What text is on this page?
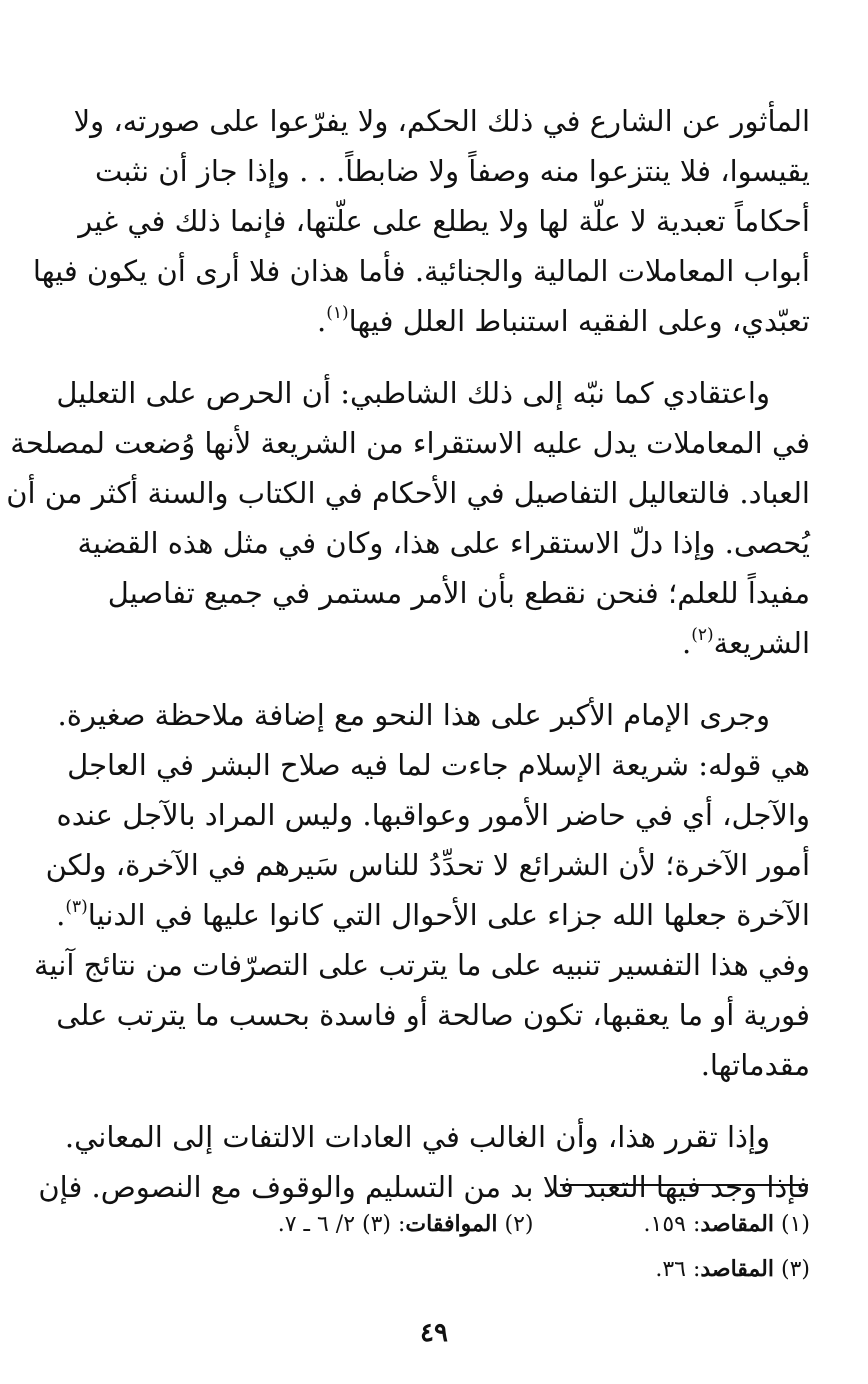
المأثور عن الشارع في ذلك الحكم، ولا يفرّعوا على صورته، ولا
يقيسوا، فلا ينتزعوا منه وصفاً ولا ضابطاً. . . وإذا جاز أن نثبت
أحكاماً تعبدية لا علّة لها ولا يطلع على علّتها، فإنما ذلك في غير
أبواب المعاملات المالية والجنائية. فأما هذان فلا أرى أن يكون فيها
تعبّدي، وعلى الفقيه استنباط العلل فيها$^{(١)}$.

واعتقادي كما نبّه إلى ذلك الشاطبي: أن الحرص على التعليل
في المعاملات يدل عليه الاستقراء من الشريعة لأنها وُضعت لمصلحة
العباد. فالتعاليل التفاصيل في الأحكام في الكتاب والسنة أكثر من أن
يُحصى. وإذا دلّ الاستقراء على هذا، وكان في مثل هذه القضية
مفيداً للعلم؛ فنحن نقطع بأن الأمر مستمر في جميع تفاصيل
الشريعة$^{(٢)}$.

وجرى الإمام الأكبر على هذا النحو مع إضافة ملاحظة صغيرة.
هي قوله: شريعة الإسلام جاءت لما فيه صلاح البشر في العاجل
والآجل، أي في حاضر الأمور وعواقبها. وليس المراد بالآجل عنده
أمور الآخرة؛ لأن الشرائع لا تحدِّدُ للناس سَيرهم في الآخرة، ولكن
الآخرة جعلها الله جزاء على الأحوال التي كانوا عليها في الدنيا$^{(٣)}$.
وفي هذا التفسير تنبيه على ما يترتب على التصرّفات من نتائج آنية
فورية أو ما يعقبها، تكون صالحة أو فاسدة بحسب ما يترتب على
مقدماتها.

وإذا تقرر هذا، وأن الغالب في العادات الالتفات إلى المعاني.
فإذا وجد فيها التعبد فلا بد من التسليم والوقوف مع النصوص. فإن

(١) المقاصد: ١٥٩.
(٢) الموافقات: (٣) ٢/ ٦ ـ ٧.
(٣) المقاصد: ٣٦.
٤٩
